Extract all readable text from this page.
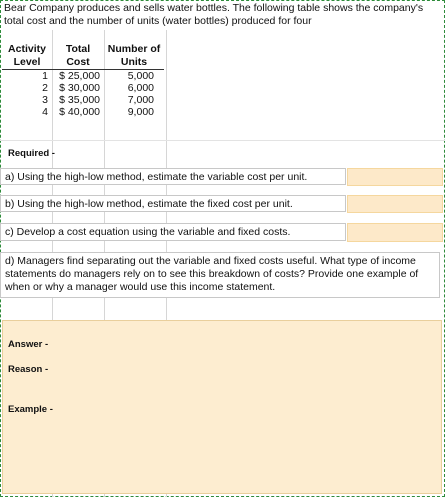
Bear Company produces and sells water bottles. The following table shows the company's total cost and the number of units (water bottles) produced for four
Activity	Total	Number of
Level	Cost	Units
1	$ 25,000	5,000
2	$ 30,000	6,000
3	$ 35,000	7,000
4	$ 40,000	9,000
Required -
a) Using the high-low method, estimate the variable cost per unit.
b) Using the high-low method, estimate the fixed cost per unit.
c) Develop a cost equation using the variable and fixed costs.
d) Managers find separating out the variable and fixed costs useful. What type of income statements do managers rely on to see this breakdown of costs? Provide one example of when or why a manager would use this income statement.
Answer -
Reason -
Example -
